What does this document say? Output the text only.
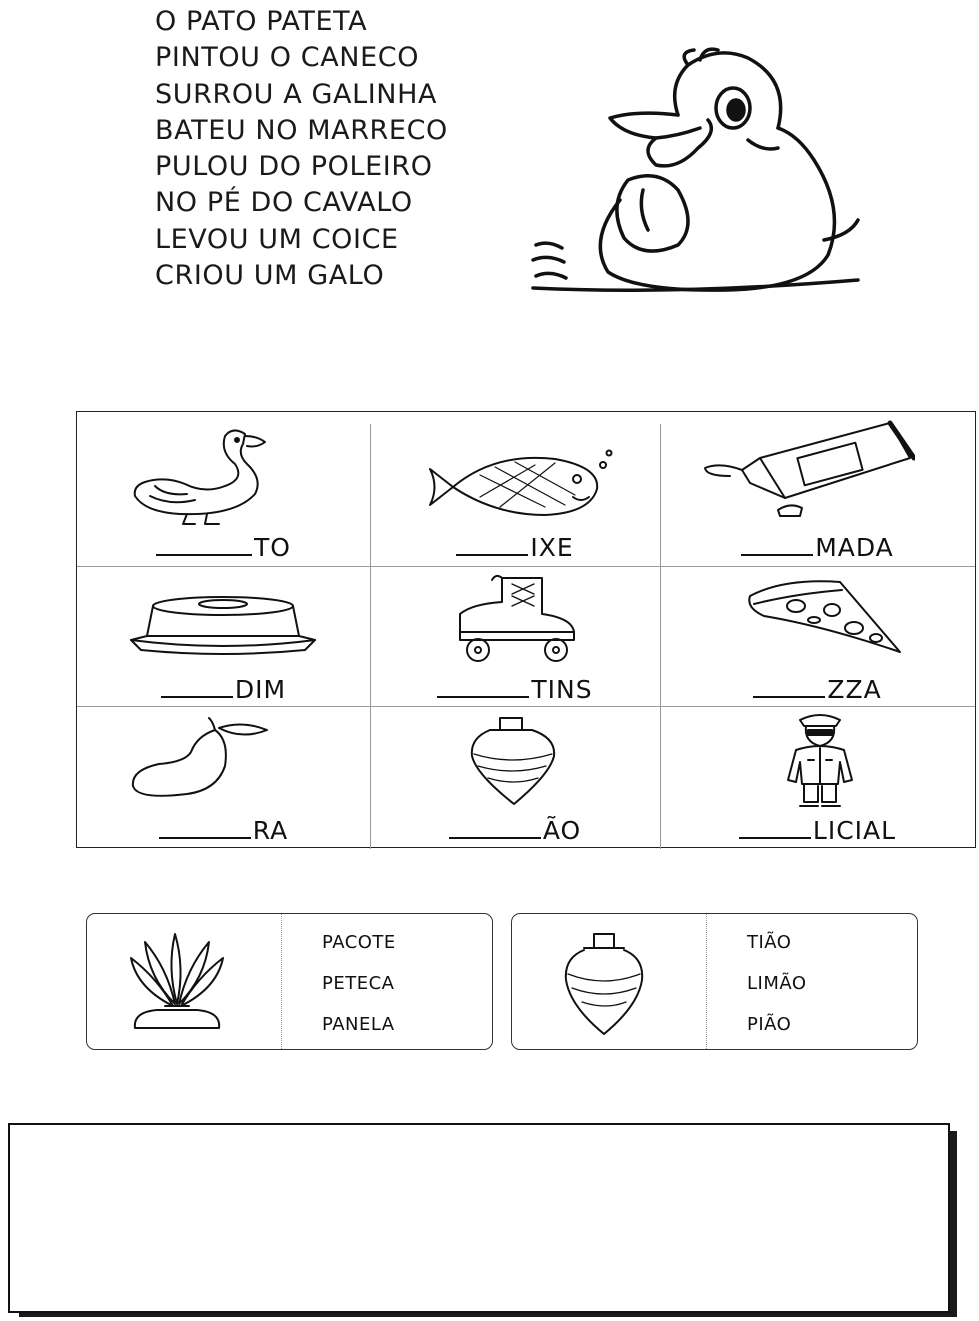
O PATO PATETA
PINTOU O CANECO
SURROU A GALINHA
BATEU NO MARRECO
PULOU DO POLEIRO
NO PÉ DO CAVALO
LEVOU UM COICE
CRIOU UM GALO
TO	IXE	MADA
DIM	TINS	ZZA
RA	ÃO	LICIAL
PACOTE
PETECA
PANELA
TIÃO
LIMÃO
PIÃO
